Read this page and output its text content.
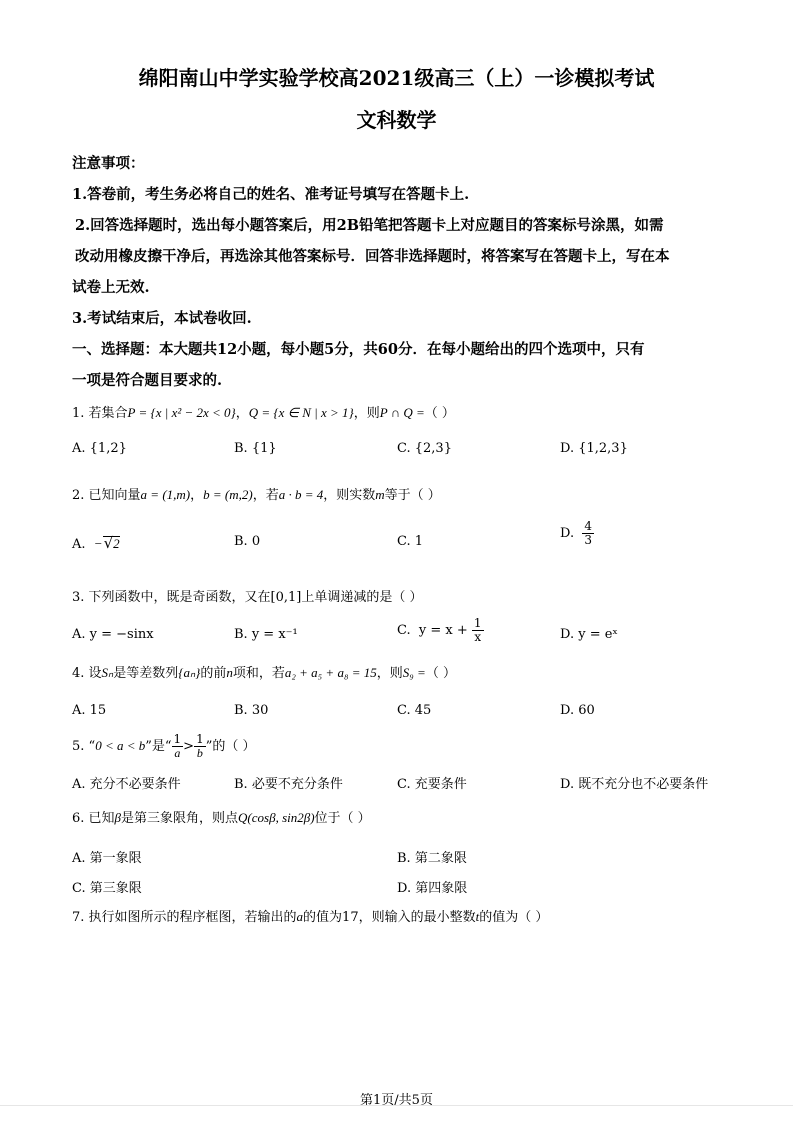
绵阳南山中学实验学校高2021级高三（上）一诊模拟考试
文科数学
注意事项：
1.答卷前，考生务必将自己的姓名、准考证号填写在答题卡上.
2.回答选择题时，选出每小题答案后，用2B铅笔把答题卡上对应题目的答案标号涂黑，如需
改动用橡皮擦干净后，再选涂其他答案标号．回答非选择题时，将答案写在答题卡上，写在本
试卷上无效.
3.考试结束后，本试卷收回.
一、选择题：本大题共12小题，每小题5分，共60分．在每小题给出的四个选项中，只有
一项是符合题目要求的.
1. 若集合P = {x | x² − 2x < 0}，Q = {x ∈ N | x > 1}，则P ∩ Q =（ ）
A. {1,2}	B. {1}	C. {2,3}	D. {1,2,3}
2. 已知向量a = (1,m)，b = (m,2)，若a · b = 4，则实数m等于（ ）
A.  −√2	B. 0	C. 1
D. $\frac{4}{3}$
3. 下列函数中，既是奇函数，又在[0,1]上单调递减的是（ ）
A. y = −sinx	B. y = x⁻¹	C.  $y = x + \frac{1}{x}$	D. y = eˣ
4. 设Sₙ是等差数列{aₙ}的前n项和，若a₂ + a₅ + a₈ = 15，则S₉ =（ ）
A. 15	B. 30	C. 45	D. 60
5. “0 < a < b”是“ $\frac{1}{a} > \frac{1}{b}$ ”的（ ）
A. 充分不必要条件	B. 必要不充分条件	C. 充要条件	D. 既不充分也不必要条件
6. 已知β是第三象限角，则点Q(cosβ, sin2β)位于（ ）
A. 第一象限	B. 第二象限
C. 第三象限	D. 第四象限
7. 执行如图所示的程序框图，若输出的a的值为17，则输入的最小整数t的值为（ ）
第1页/共5页
